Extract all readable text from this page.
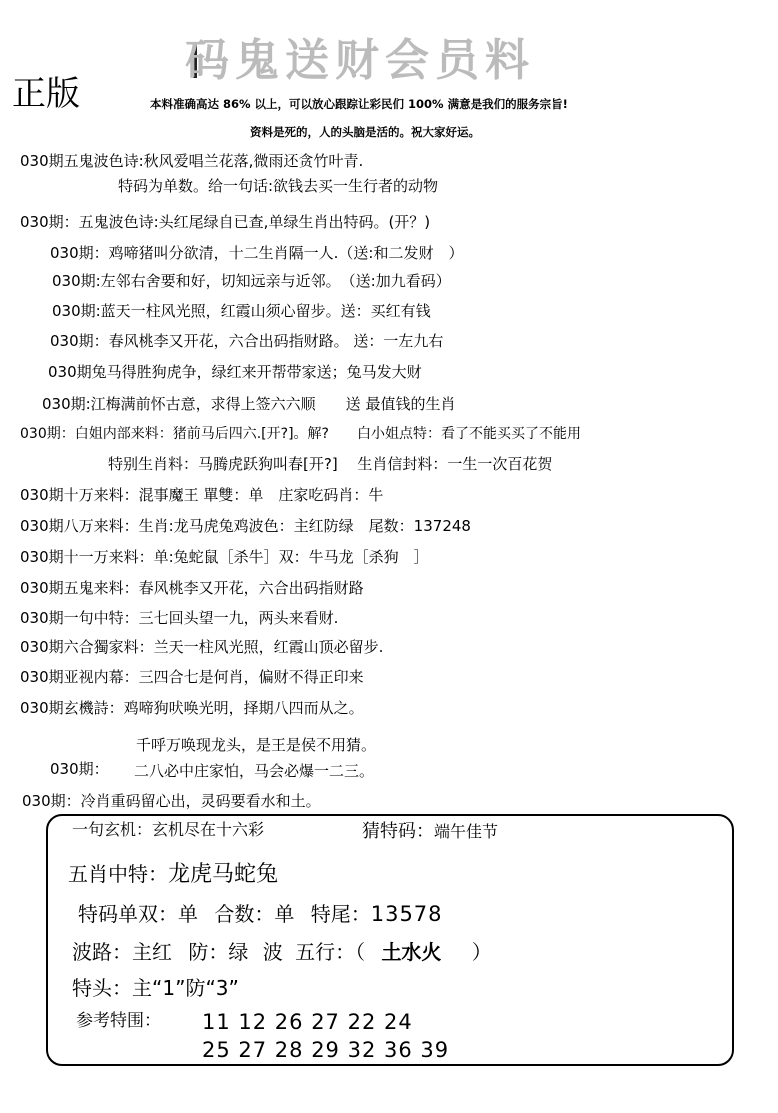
码鬼送财会员料
正版	本料准确高达 86% 以上，可以放心跟踪让彩民们 100% 满意是我们的服务宗旨!
资料是死的，人的头脑是活的。祝大家好运。
030期五鬼波色诗:秋风爱唱兰花落,微雨还贪竹叶青.
特码为单数。给一句话:欲钱去买一生行者的动物
030期：五鬼波色诗:头红尾绿自已查,单绿生肖出特码。(开？)
030期：鸡啼猪叫分欲清，十二生肖隔一人.（送:和二发财　）
030期:左邻右舍要和好，切知远亲与近邻。　（送:加九看码）
030期:蓝天一柱风光照，红霞山须心留步。送：买红有钱
030期：春风桃李又开花，六合出码指财路。 送：一左九右
030期兔马得胜狗虎争，绿红来开帮带家送；兔马发大财
030期:江梅满前怀古意，求得上签六六顺　　送 最值钱的生肖
030期：白姐内部来料：猪前马后四六.[开?]。解?　　白小姐点特：看了不能买买了不能用
特别生肖料：马腾虎跃狗叫春[开?]　 生肖信封料：一生一次百花贺
030期十万来料：混事魔王 單雙：单　庄家吃码肖：牛
030期八万来料：生肖:龙马虎兔鸡波色：主红防绿　尾数：137248
030期十一万来料：单:兔蛇鼠［杀牛］双：牛马龙［杀狗　］
030期五鬼来料：春风桃李又开花，六合出码指财路
030期一句中特：三七回头望一九，两头来看财.
030期六合獨家料：兰天一柱风光照，红霞山顶必留步.
030期亚视内幕：三四合七是何肖，偏财不得正印来
030期玄機詩：鸡啼狗吠唤光明，择期八四而从之。
千呼万唤现龙头，是王是侯不用猜。
030期： 二八必中庄家怕，马会必爆一二三。
030期：冷肖重码留心出，灵码要看水和土。
一句玄机：玄机尽在十六彩	猜特码：端午佳节
五肖中特：龙虎马蛇兔
特码单双：单 合数：单 特尾：13578
波路：主红 防：绿 波 五行：（ 土水火 ）
特头：主“1”防“3”
参考特围： 11 12 26 27 22 24
25 27 28 29 32 36 39
